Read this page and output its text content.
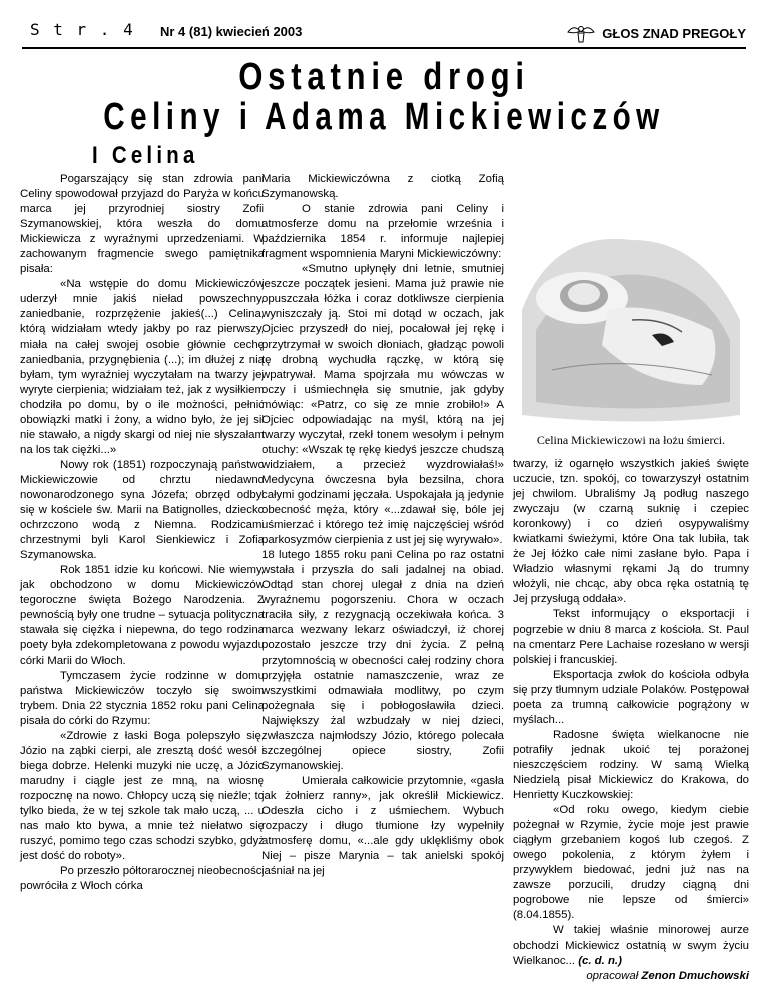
S t r . 4 Nr 4 (81) kwiecień 2003	GŁOS ZNAD PREGOŁY
Ostatnie drogi
Celiny i Adama Mickiewiczów
I Celina

Pogarszający się stan zdrowia pani Celiny spowodował przyjazd do Paryża w końcu marca jej przyrodniej siostry Zofii Szymanowskiej, która weszła do domu Mickiewicza z wyraźnymi uprzedzeniami. W zachowanym fragmencie swego pamiętnika pisała:

«Na wstępie do domu Mickiewiczów uderzył mnie jakiś nieład powszechny, zaniedbanie, rozprzężenie jakieś(...) Celina, którą widziałam wtedy jakby po raz pierwszy, miała na całej swojej osobie głównie cechę zaniedbania, przygnębienia (...); im dłużej z nią byłam, tym wyraźniej wyczytałam na twarzy jej wyryte cierpienia; widziałam też, jak z wysiłkiem chodziła po domu, by o ile możności, pełnić obowiązki matki i żony, a widno było, że jej sił nie stawało, a nigdy skargi od niej nie słyszałam na los tak ciężki...»

Nowy rok (1851) rozpoczynają państwo Mickiewiczowie od chrztu niedawno nowonarodzonego syna Józefa; obrzęd odbył się w kościele św. Marii na Batignolles, dziecko ochrzczono wodą z Niemna. Rodzicami chrzestnymi byli Karol Sienkiewicz i Zofia Szymanowska.

Rok 1851 idzie ku końcowi. Nie wiemy, jak obchodzono w domu Mickiewiczów tegoroczne święta Bożego Narodzenia. Z pewnością były one trudne – sytuacja polityczna stawała się ciężka i niepewna, do tego rodzina poety była zdekompletowana z powodu wyjazdu córki Marii do Włoch.

Tymczasem życie rodzinne w domu państwa Mickiewiczów toczyło się swoim trybem. Dnia 22 stycznia 1852 roku pani Celina pisała do córki do Rzymu:

«Zdrowie z łaski Boga polepszyło się, Józio na ząbki cierpi, ale zresztą dość wesół i biega dobrze. Helenki muzyki nie uczę, a Józio marudny i ciągle jest ze mną, na wiosnę rozpocznę na nowo. Chłopcy uczą się nieźle; to tylko bieda, że w tej szkole tak mało uczą, ... u nas mało kto bywa, a mnie też niełatwo się ruszyć, pomimo tego czas schodzi szybko, gdyż jest dość do roboty».

Po przeszło półtorarocznej nieobecności powróciła z Włoch córka

Maria Mickiewiczówna z ciotką Zofią Szymanowską.

O stanie zdrowia pani Celiny i atmosferze domu na przełomie września i października 1854 r. informuje najlepiej fragment wspomnienia Maryni Mickiewiczówny:

«Smutno upłynęły dni letnie, smutniej jeszcze początek jesieni. Mama już prawie nie opuszczała łóżka i coraz dotkliwsze cierpienia wyniszczały ją. Stoi mi dotąd w oczach, jak Ojciec przyszedł do niej, pocałował jej rękę i przytrzymał w swoich dłoniach, gładząc powoli tę drobną wychudła rączkę, w którą się wpatrywał. Mama spojrzała mu wówczas w oczy i uśmiechnęła się smutnie, jak gdyby mówiąc: «Patrz, co się ze mnie zrobiło!» A Ojciec odpowiadając na myśl, którą na jej twarzy wyczytał, rzekł tonem wesołym i pełnym otuchy: «Wszak tę rękę kiedyś jeszcze chudszą widziałem, a przecież wyzdrowiałaś!» Medycyna ówczesna była bezsilna, chora całymi godzinami jęczała. Uspokajała ją jedynie obecność męża, który «...zdawał się, bóle jej uśmierzać i którego też imię najczęściej wśród parkosyzmów cierpienia z ust jej się wyrywało».

18 lutego 1855 roku pani Celina po raz ostatni wstała i przyszła do sali jadalnej na obiad. Odtąd stan chorej ulegał z dnia na dzień wyraźnemu pogorszeniu. Chora w oczach traciła siły, z rezygnacją oczekiwała końca. 3 marca wezwany lekarz oświadczył, iż chorej pozostało jeszcze trzy dni życia. Z pełną przytomnością w obecności całej rodziny chora przyjęła ostatnie namaszczenie, wraz ze wszystkimi odmawiała modlitwy, po czym pożegnała się i pobłogosławiła dzieci. Największy żal wzbudzały w niej dzieci, zwłaszcza najmłodszy Józio, którego polecała szczególnej opiece siostry, Zofii Szymanowskiej.

Umierała całkowicie przytomnie, «gasła jak żołnierz ranny», jak określił Mickiewicz. Odeszła cicho i z uśmiechem. Wybuch rozpaczy i długo tłumione łzy wypełniły atmosferę domu, «...ale gdy uklękliśmy obok Niej – pisze Marynia – tak anielski spokój jaśniał na jej

Celina Mickiewiczowi na łożu śmierci.

twarzy, iż ogarnęło wszystkich jakieś święte uczucie, tzn. spokój, co towarzyszył ostatnim jej chwilom. Ubraliśmy Ją podług naszego zwyczaju (w czarną suknię i czepiec koronkowy) i co dzień osypywaliśmy kwiatkami świeżymi, które Ona tak lubiła, tak że Jej łóżko całe nimi zasłane było. Papa i Władzio własnymi rękami Ją do trumny włożyli, nie chcąc, aby obca ręka ostatnią tę Jej przysługą oddała».

Tekst informujący o eksportacji i pogrzebie w dniu 8 marca z kościoła. St. Paul na cmentarz Pere Lachaise rozesłano w wersji polskiej i francuskiej.

Eksportacja zwłok do kościoła odbyła się przy tłumnym udziale Polaków. Postępował poeta za trumną całkowicie pogrążony w myślach...

Radosne święta wielkanocne nie potrafiły jednak ukoić tej porażonej nieszczęściem rodziny. W samą Wielką Niedzielą pisał Mickiewicz do Krakowa, do Henrietty Kuczkowskiej:

«Od roku owego, kiedym ciebie pożegnał w Rzymie, życie moje jest prawie ciągłym grzebaniem kogoś lub czegoś. Z owego pokolenia, z którym żyłem i przywykłem biedować, jedni już nas na zawsze porzucili, drudzy ciągną dni pogrobowe nie lepsze od śmierci» (8.04.1855).

W takiej właśnie minorowej aurze obchodzi Mickiewicz ostatnią w swym życiu Wielkanoc... (c. d. n.)

opracował Zenon Dmuchowski
